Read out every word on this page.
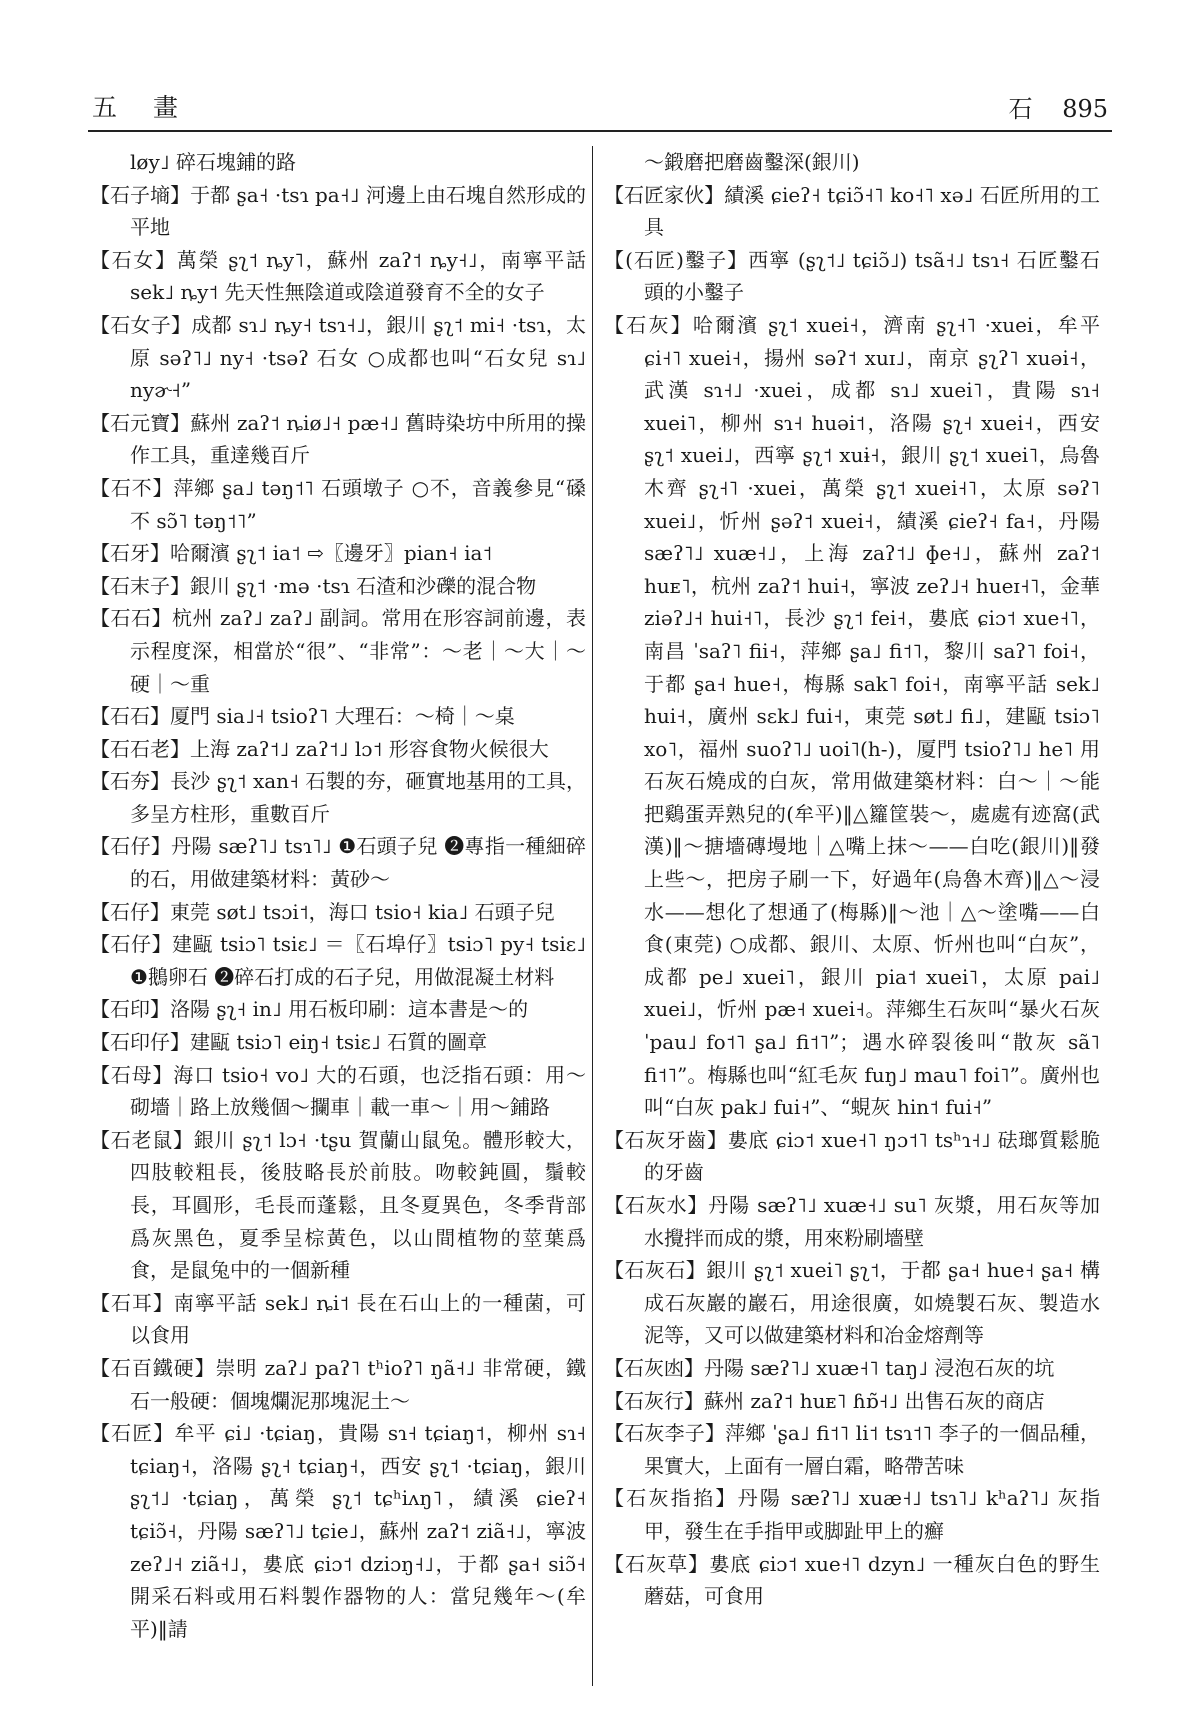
五 畫	石 895
løy˩ 碎石塊鋪的路
【石子墒】于都 ʂa˧ ·tsɿ pa˧˩ 河邊上由石塊自然形成的平地
【石女】萬榮 ʂʅ˦ ȵy˥，蘇州 zaʔ˦ ȵy˧˩，南寧平話 sek˩ ȵy˦ 先天性無陰道或陰道發育不全的女子
【石女子】成都 sɿ˩ ȵy˧ tsɿ˧˩，銀川 ʂʅ˦ mi˧ ·tsɿ，太原 səʔ˥˩ ny˧ ·tsəʔ 石女 ○成都也叫“石女兒 sɿ˩ nyɚ˧”
【石元寶】蘇州 zaʔ˦ ȵiø˩˧ pæ˧˩ 舊時染坊中所用的操作工具，重達幾百斤
【石不】萍鄉 ʂa˩ təŋ˦˥ 石頭墩子 ○不，音義參見“磉不 sɔ̃˥ təŋ˦˥”
【石牙】哈爾濱 ʂʅ˦ ia˦ ⇨〖邊牙〗pian˧ ia˦
【石末子】銀川 ʂʅ˦ ·mə ·tsɿ 石渣和沙礫的混合物
【石石】杭州 zaʔ˩ zaʔ˩ 副詞。常用在形容詞前邊，表示程度深，相當於“很”、“非常”：～老｜～大｜～硬｜～重
【石石】厦門 sia˩˧ tsioʔ˥ 大理石：～椅｜～桌
【石石老】上海 zaʔ˦˩ zaʔ˦˩ lɔ˦ 形容食物火候很大
【石夯】長沙 ʂʅ˦ xan˧ 石製的夯，砸實地基用的工具，多呈方柱形，重數百斤
【石仔】丹陽 sæʔ˥˩ tsɿ˥˩ ❶石頭子兒 ❷專指一種細碎的石，用做建築材料：黃砂～
【石仔】東莞 søt˩ tsɔi˦，海口 tsio˧ kia˩ 石頭子兒
【石仔】建甌 tsiɔ˥ tsiɛ˩ ＝〖石埠仔〗tsiɔ˥ py˧ tsiɛ˩ ❶鵝卵石 ❷碎石打成的石子兒，用做混凝土材料
【石印】洛陽 ʂʅ˧ in˩ 用石板印刷：這本書是～的
【石印仔】建甌 tsiɔ˥ eiŋ˧ tsiɛ˩ 石質的圖章
【石母】海口 tsio˧ vo˩ 大的石頭，也泛指石頭：用～砌墻｜路上放幾個～攔車｜載一車～｜用～鋪路
【石老鼠】銀川 ʂʅ˦ lɔ˧ ·tʂu 賀蘭山鼠兔。體形較大，四肢較粗長，後肢略長於前肢。吻較鈍圓，鬚較長，耳圓形，毛長而蓬鬆，且冬夏異色，冬季背部爲灰黑色，夏季呈棕黃色，以山間植物的莖葉爲食，是鼠兔中的一個新種
【石耳】南寧平話 sek˩ ȵi˦ 長在石山上的一種菌，可以食用
【石百鐵硬】崇明 zaʔ˩ paʔ˥ tʰioʔ˥ ŋã˧˩ 非常硬，鐵石一般硬：個塊爛泥那塊泥土～
【石匠】牟平 ɕi˩ ·tɕiaŋ，貴陽 sɿ˧ tɕiaŋ˦，柳州 sɿ˧ tɕiaŋ˧，洛陽 ʂʅ˧ tɕiaŋ˧，西安 ʂʅ˦ ·tɕiaŋ，銀川 ʂʅ˦˩ ·tɕiaŋ，萬榮 ʂʅ˦ tɕʰiʌŋ˥，績溪 ɕieʔ˧ tɕiɔ̃˧，丹陽 sæʔ˥˩ tɕie˩，蘇州 zaʔ˦ ziã˧˩，寧波 zeʔ˩˧ ziã˧˩，婁底 ɕiɔ˦ dziɔŋ˧˩，于都 ʂa˧ siɔ̃˧ 開采石料或用石料製作器物的人：當兒幾年～(牟平)‖請
～鍛磨把磨齒鑿深(銀川)
【石匠家伙】績溪 ɕieʔ˧ tɕiɔ̃˧˥ ko˧˥ xə˩ 石匠所用的工具
【(石匠)鑿子】西寧 (ʂʅ˦˩ tɕiɔ̃˩) tsã˧˩ tsɿ˧ 石匠鑿石頭的小鑿子
【石灰】哈爾濱 ʂʅ˦ xuei˧，濟南 ʂʅ˧˥ ·xuei，牟平 ɕi˧˥ xuei˧，揚州 səʔ˦ xuɪ˩，南京 ʂʅʔ˥ xuəi˧，武漢 sɿ˧˩ ·xuei，成都 sɿ˩ xuei˥，貴陽 sɿ˧ xuei˥，柳州 sɿ˧ huəi˦，洛陽 ʂʅ˧ xuei˧，西安 ʂʅ˦ xuei˩，西寧 ʂʅ˦ xuɨ˧，銀川 ʂʅ˦ xuei˥，烏魯木齊 ʂʅ˧˥ ·xuei，萬榮 ʂʅ˦ xuei˧˥，太原 səʔ˥ xuei˩，忻州 ʂəʔ˦ xuei˧，績溪 ɕieʔ˧ fa˧，丹陽 sæʔ˥˩ xuæ˧˩，上海 zaʔ˦˩ ɸe˧˩，蘇州 zaʔ˦ huᴇ˥，杭州 zaʔ˦ hui˧，寧波 zeʔ˩˧ hueɪ˧˥，金華 ziəʔ˩˧ hui˧˥，長沙 ʂʅ˦ fei˧，婁底 ɕiɔ˦ xue˧˥，南昌 ˈsaʔ˥ fii˧，萍鄉 ʂa˩ fi˦˥，黎川 saʔ˥ foi˧，于都 ʂa˧ hue˧，梅縣 sak˥ foi˧，南寧平話 sek˩ hui˧，廣州 sɛk˩ fui˧，東莞 søt˩ fi˩，建甌 tsiɔ˥ xo˥，福州 suoʔ˥˩ uoi˥(h-)，厦門 tsioʔ˥˩ he˥ 用石灰石燒成的白灰，常用做建築材料：白～｜～能把鷄蛋弄熟兒的(牟平)‖△籮筐裝～，處處有迹窩(武漢)‖～搪墻磚墁地｜△嘴上抹～——白吃(銀川)‖發上些～，把房子刷一下，好過年(烏魯木齊)‖△～浸水——想化了想通了(梅縣)‖～池｜△～塗嘴——白食(東莞) ○成都、銀川、太原、忻州也叫“白灰”，成都 pe˩ xuei˥，銀川 pia˦ xuei˥，太原 pai˩ xuei˩，忻州 pæ˧ xuei˧。萍鄉生石灰叫“暴火石灰 ˈpau˩ fo˦˥ ʂa˩ fi˦˥”；遇水碎裂後叫“散灰 sã˥ fi˦˥”。梅縣也叫“紅毛灰 fuŋ˩ mau˥ foi˥”。廣州也叫“白灰 pak˩ fui˧”、“蜆灰 hin˦ fui˧”
【石灰牙齒】婁底 ɕiɔ˦ xue˧˥ ŋɔ˦˥ tsʰɿ˧˩ 砝瑯質鬆脆的牙齒
【石灰水】丹陽 sæʔ˥˩ xuæ˧˩ su˥ 灰漿，用石灰等加水攪拌而成的漿，用來粉刷墻壁
【石灰石】銀川 ʂʅ˦ xuei˥ ʂʅ˦，于都 ʂa˧ hue˧ ʂa˧ 構成石灰巖的巖石，用途很廣，如燒製石灰、製造水泥等，又可以做建築材料和冶金熔劑等
【石灰凼】丹陽 sæʔ˥˩ xuæ˧˥ taŋ˩ 浸泡石灰的坑
【石灰行】蘇州 zaʔ˦ huᴇ˥ ɦɒ̃˧˩ 出售石灰的商店
【石灰李子】萍鄉 ˈʂa˩ fi˦˥ li˦ tsɿ˦˥ 李子的一個品種，果實大，上面有一層白霜，略帶苦味
【石灰指掐】丹陽 sæʔ˥˩ xuæ˧˩ tsɿ˥˩ kʰaʔ˥˩ 灰指甲，發生在手指甲或脚趾甲上的癬
【石灰草】婁底 ɕiɔ˦ xue˧˥ dzyn˩ 一種灰白色的野生蘑菇，可食用
